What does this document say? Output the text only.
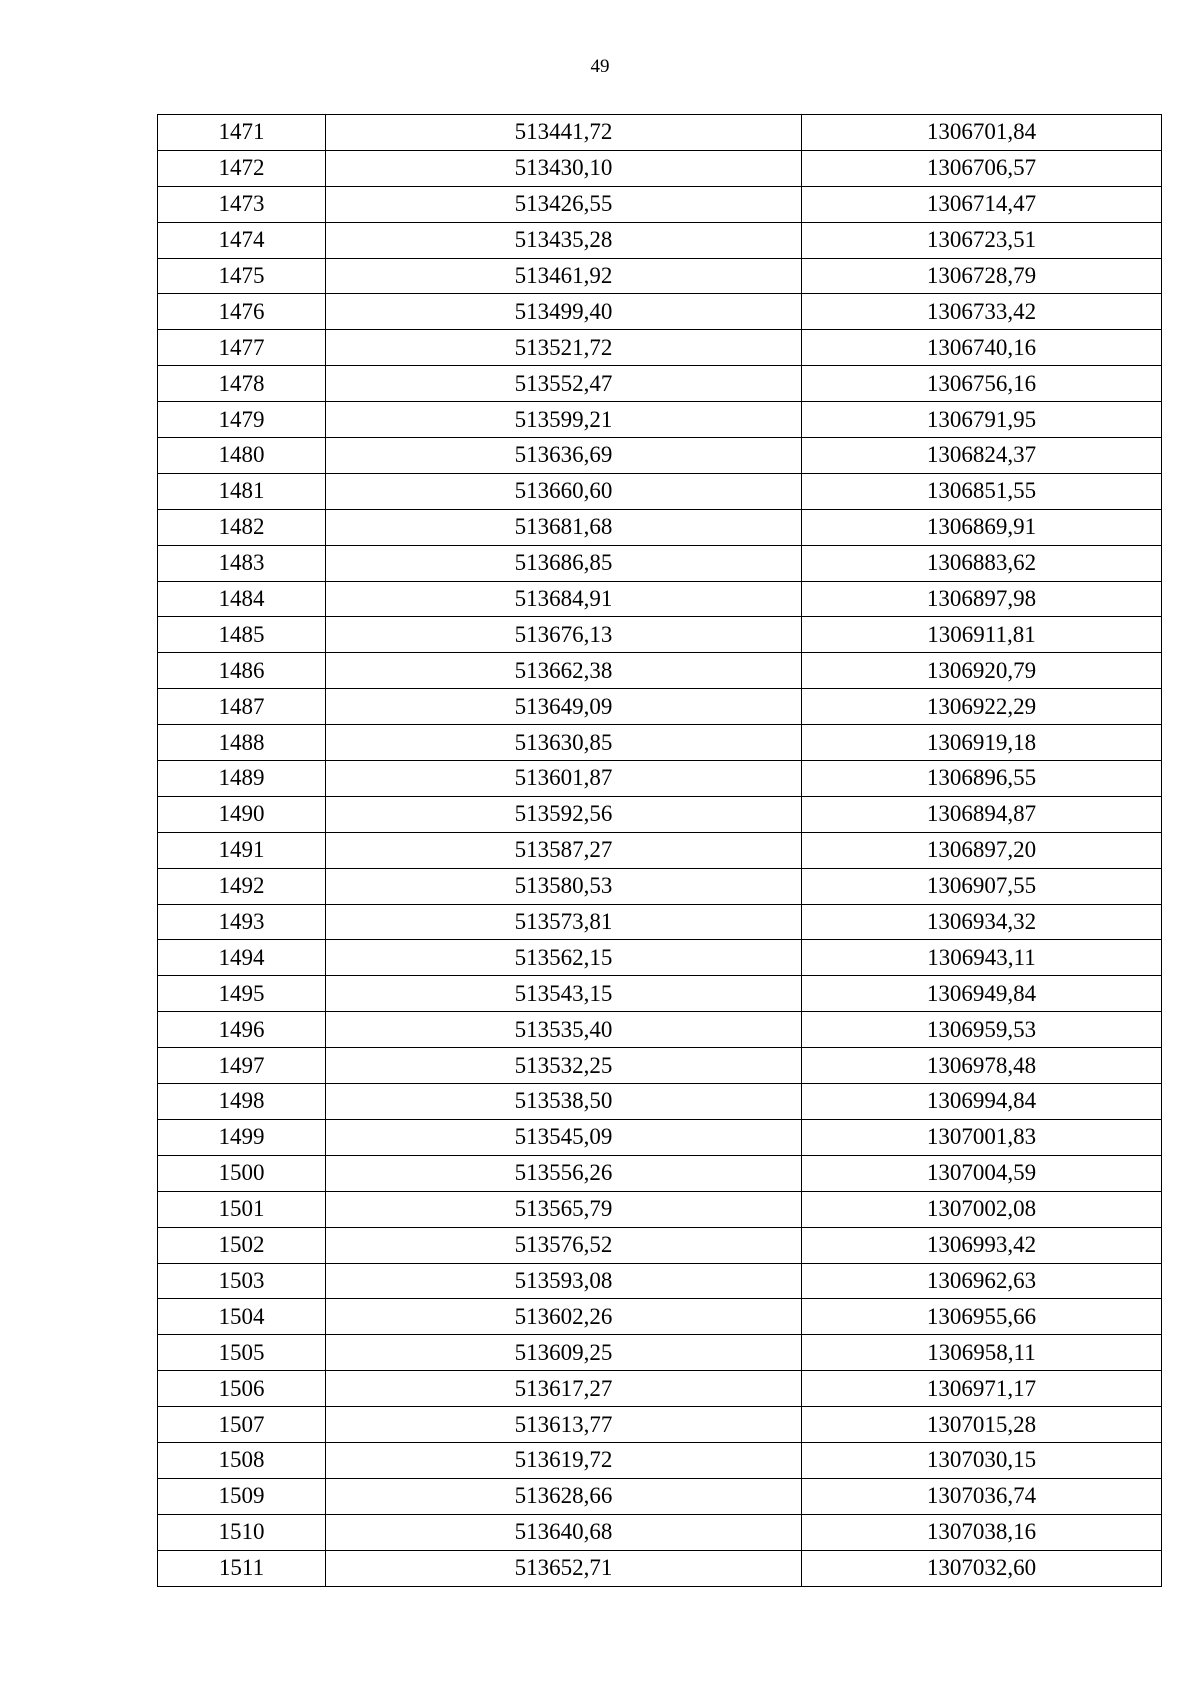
49
1471	513441,72	1306701,84
1472	513430,10	1306706,57
1473	513426,55	1306714,47
1474	513435,28	1306723,51
1475	513461,92	1306728,79
1476	513499,40	1306733,42
1477	513521,72	1306740,16
1478	513552,47	1306756,16
1479	513599,21	1306791,95
1480	513636,69	1306824,37
1481	513660,60	1306851,55
1482	513681,68	1306869,91
1483	513686,85	1306883,62
1484	513684,91	1306897,98
1485	513676,13	1306911,81
1486	513662,38	1306920,79
1487	513649,09	1306922,29
1488	513630,85	1306919,18
1489	513601,87	1306896,55
1490	513592,56	1306894,87
1491	513587,27	1306897,20
1492	513580,53	1306907,55
1493	513573,81	1306934,32
1494	513562,15	1306943,11
1495	513543,15	1306949,84
1496	513535,40	1306959,53
1497	513532,25	1306978,48
1498	513538,50	1306994,84
1499	513545,09	1307001,83
1500	513556,26	1307004,59
1501	513565,79	1307002,08
1502	513576,52	1306993,42
1503	513593,08	1306962,63
1504	513602,26	1306955,66
1505	513609,25	1306958,11
1506	513617,27	1306971,17
1507	513613,77	1307015,28
1508	513619,72	1307030,15
1509	513628,66	1307036,74
1510	513640,68	1307038,16
1511	513652,71	1307032,60
